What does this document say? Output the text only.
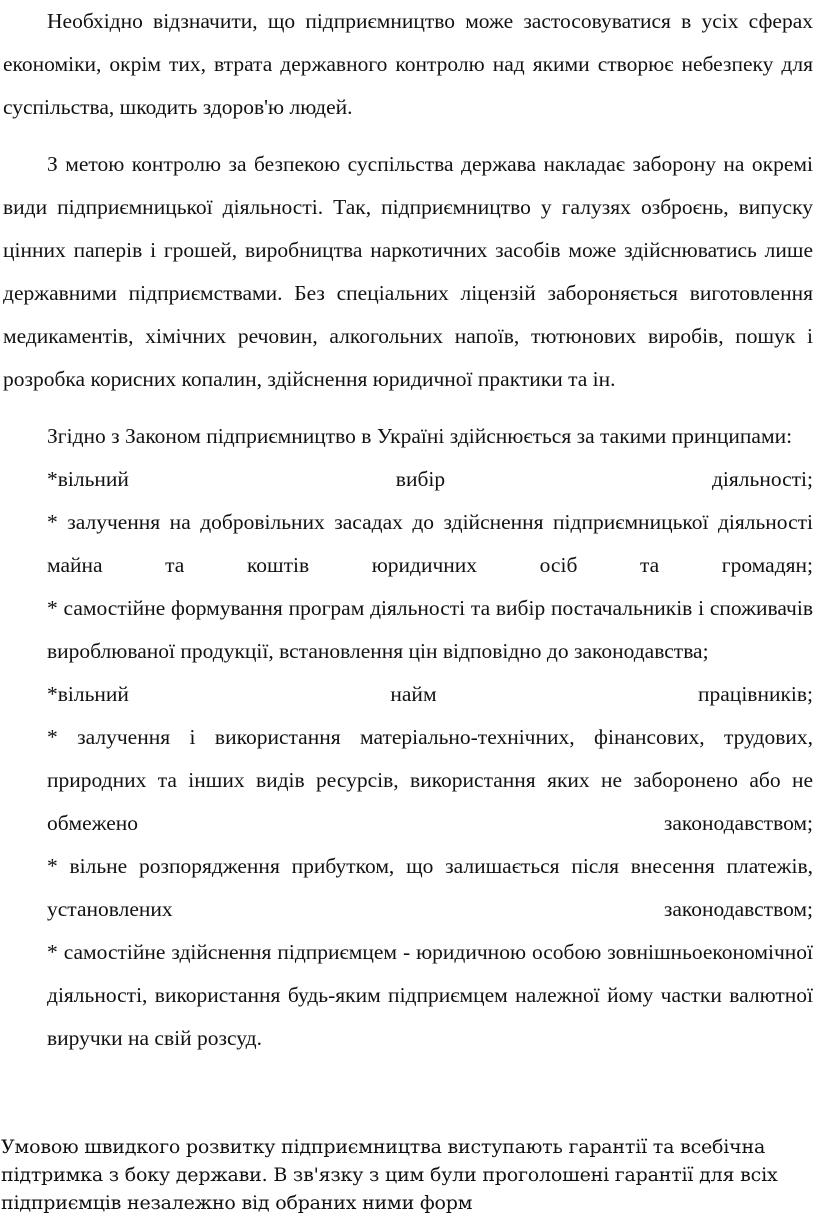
Необхідно відзначити, що підприємництво може застосовуватися в усіх сферах економіки, окрім тих, втрата державного контролю над якими створює небезпеку для суспільства, шкодить здоров'ю людей.

З метою контролю за безпекою суспільства держава накладає заборону на окремі види підприємницької діяльності. Так, підприємництво у галузях озброєнь, випуску цінних паперів і грошей, виробництва наркотичних засобів може здійснюватись лише державними підприємствами. Без спеціальних ліцензій забороняється виготовлення медикаментів, хімічних речовин, алкогольних напоїв, тютюнових виробів, пошук і розробка корисних копалин, здійснення юридичної практики та ін.

Згідно з Законом підприємництво в Україні здійснюється за такими принципами:

*вільний вибір діяльності;

* залучення на добровільних засадах до здійснення підприємницької діяльності майна та коштів юридичних осіб та громадян;

* самостійне формування програм діяльності та вибір постачальників і споживачів вироблюваної продукції, встановлення цін відповідно до законодавства;

*вільний найм працівників;

* залучення і використання матеріально-технічних, фінансових, трудових, природних та інших видів ресурсів, використання яких не заборонено або не обмежено законодавством;

* вільне розпорядження прибутком, що залишається після внесення платежів, установлених законодавством;

* самостійне здійснення підприємцем - юридичною особою зовнішньоекономічної діяльності, використання будь-яким підприємцем належної йому частки валютної виручки на свій розсуд.

Умовою швидкого розвитку підприємництва виступають гарантії та всебічна підтримка з боку держави. В зв'язку з цим були проголошені гарантії для всіх підприємців незалежно від обраних ними форм
